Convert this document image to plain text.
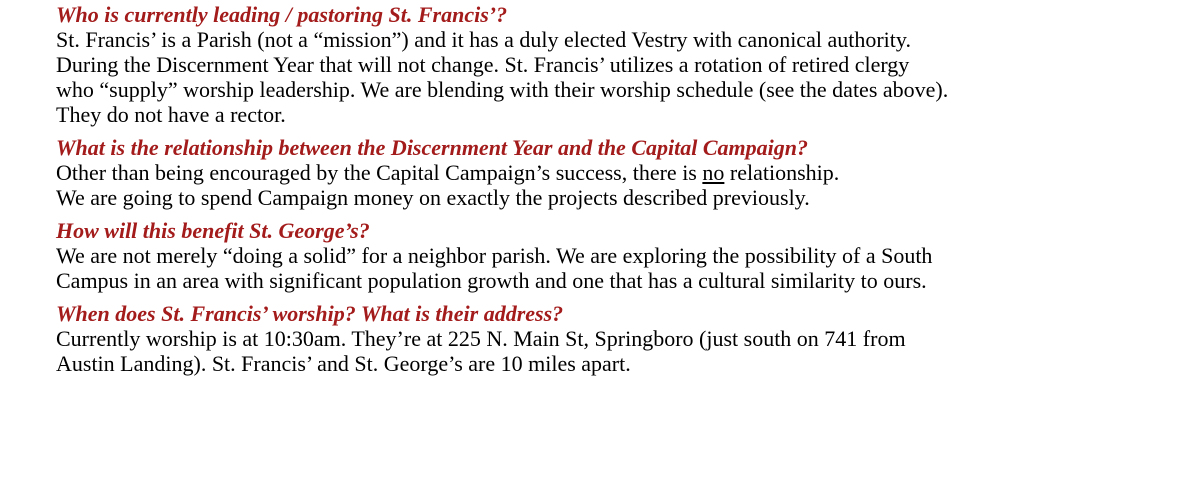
Who is currently leading / pastoring St. Francis’?

St. Francis’ is a Parish (not a “mission”) and it has a duly elected Vestry with canonical authority.

During the Discernment Year that will not change. St. Francis’ utilizes a rotation of retired clergy

who “supply” worship leadership. We are blending with their worship schedule (see the dates above).

They do not have a rector.

What is the relationship between the Discernment Year and the Capital Campaign?

Other than being encouraged by the Capital Campaign’s success, there is no relationship.

We are going to spend Campaign money on exactly the projects described previously.

How will this benefit St. George’s?

We are not merely “doing a solid” for a neighbor parish. We are exploring the possibility of a South

Campus in an area with significant population growth and one that has a cultural similarity to ours.

When does St. Francis’ worship? What is their address?

Currently worship is at 10:30am. They’re at 225 N. Main St, Springboro (just south on 741 from

Austin Landing). St. Francis’ and St. George’s are 10 miles apart.
